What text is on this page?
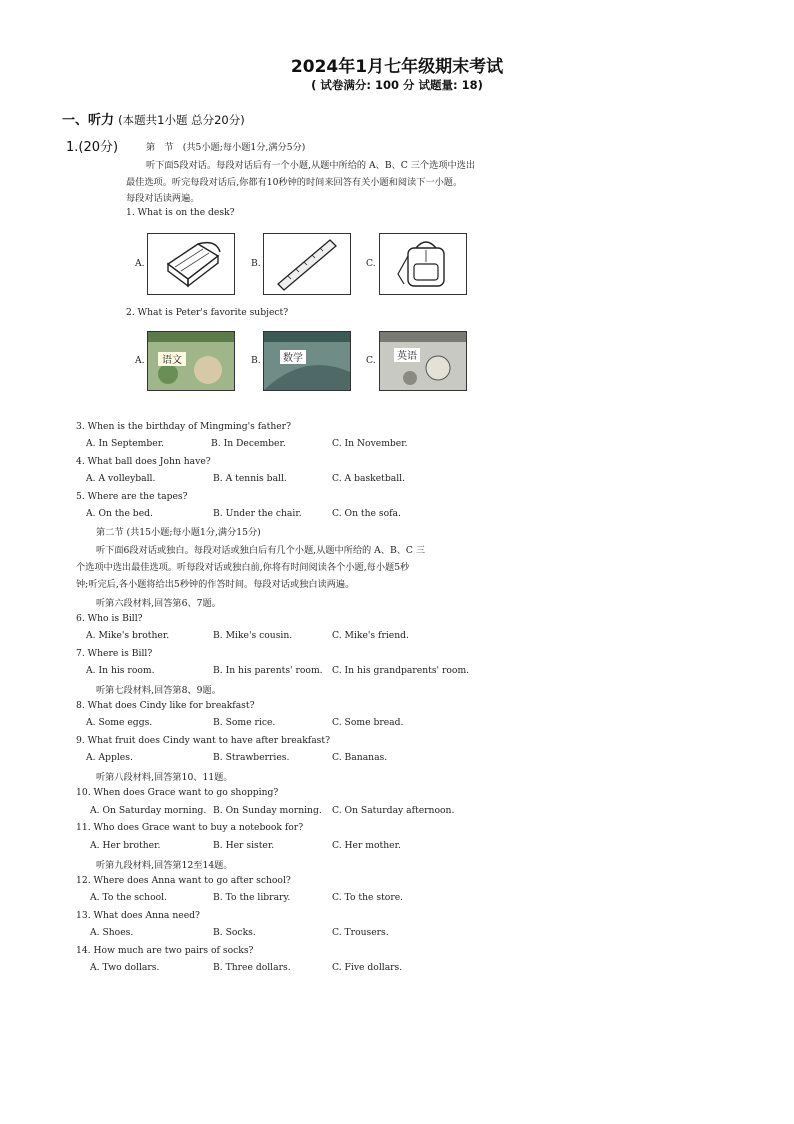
2024年1月七年级期末考试
( 试卷满分: 100 分 试题量: 18)
一、听力 (本题共1小题 总分20分)
1.(20分)	第　节　(共5小题;每小题1分,满分5分)
听下面5段对话。每段对话后有一个小题,从题中所给的 A、B、C 三个选项中选出
最佳选项。听完每段对话后,你都有10秒钟的时间来回答有关小题和阅读下一小题。
每段对话读两遍。
1. What is on the desk?
A.	B.	C.
2. What is Peter's favorite subject?
A. 语文	B. 数学	C. 英语
3. When is the birthday of Mingming's father?
A. In September.	B. In December.	C. In November.
4. What ball does John have?
A. A volleyball.	B. A tennis ball.	C. A basketball.
5. Where are the tapes?
A. On the bed.	B. Under the chair.	C. On the sofa.
第二节 (共15小题;每小题1分,满分15分)
听下面6段对话或独白。每段对话或独白后有几个小题,从题中所给的 A、B、C 三
个选项中选出最佳选项。听每段对话或独白前,你将有时间阅读各个小题,每小题5秒
钟;听完后,各小题将给出5秒钟的作答时间。每段对话或独白读两遍。
听第六段材料,回答第6、7题。
6. Who is Bill?
A. Mike's brother.	B. Mike's cousin.	C. Mike's friend.
7. Where is Bill?
A. In his room.	B. In his parents' room. C. In his grandparents' room.
听第七段材料,回答第8、9题。
8. What does Cindy like for breakfast?
A. Some eggs.	B. Some rice.	C. Some bread.
9. What fruit does Cindy want to have after breakfast?
A. Apples.	B. Strawberries.	C. Bananas.
听第八段材料,回答第10、11题。
10. When does Grace want to go shopping?
A. On Saturday morning. B. On Sunday morning. C. On Saturday afternoon.
11. Who does Grace want to buy a notebook for?
A. Her brother.	B. Her sister.	C. Her mother.
听第九段材料,回答第12至14题。
12. Where does Anna want to go after school?
A. To the school.	B. To the library.	C. To the store.
13. What does Anna need?
A. Shoes.	B. Socks.	C. Trousers.
14. How much are two pairs of socks?
A. Two dollars.	B. Three dollars.	C. Five dollars.
